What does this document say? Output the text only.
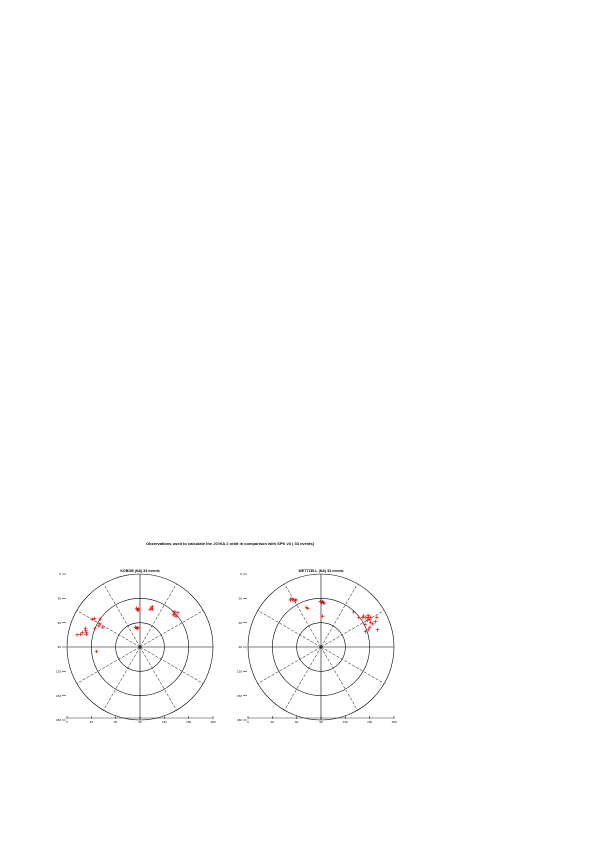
Observations used to calculate the JOVIA 2 orbit in comparison with SPK v3 ( 33 events)
KOBOB (NA) 33 events
0
30
60
90
120
150
180 0	30	60	90	120	150	180
WETTZELL (NA) 33 events
0
30
60
90
120
150
180 0	30	60	90	120	150	180
